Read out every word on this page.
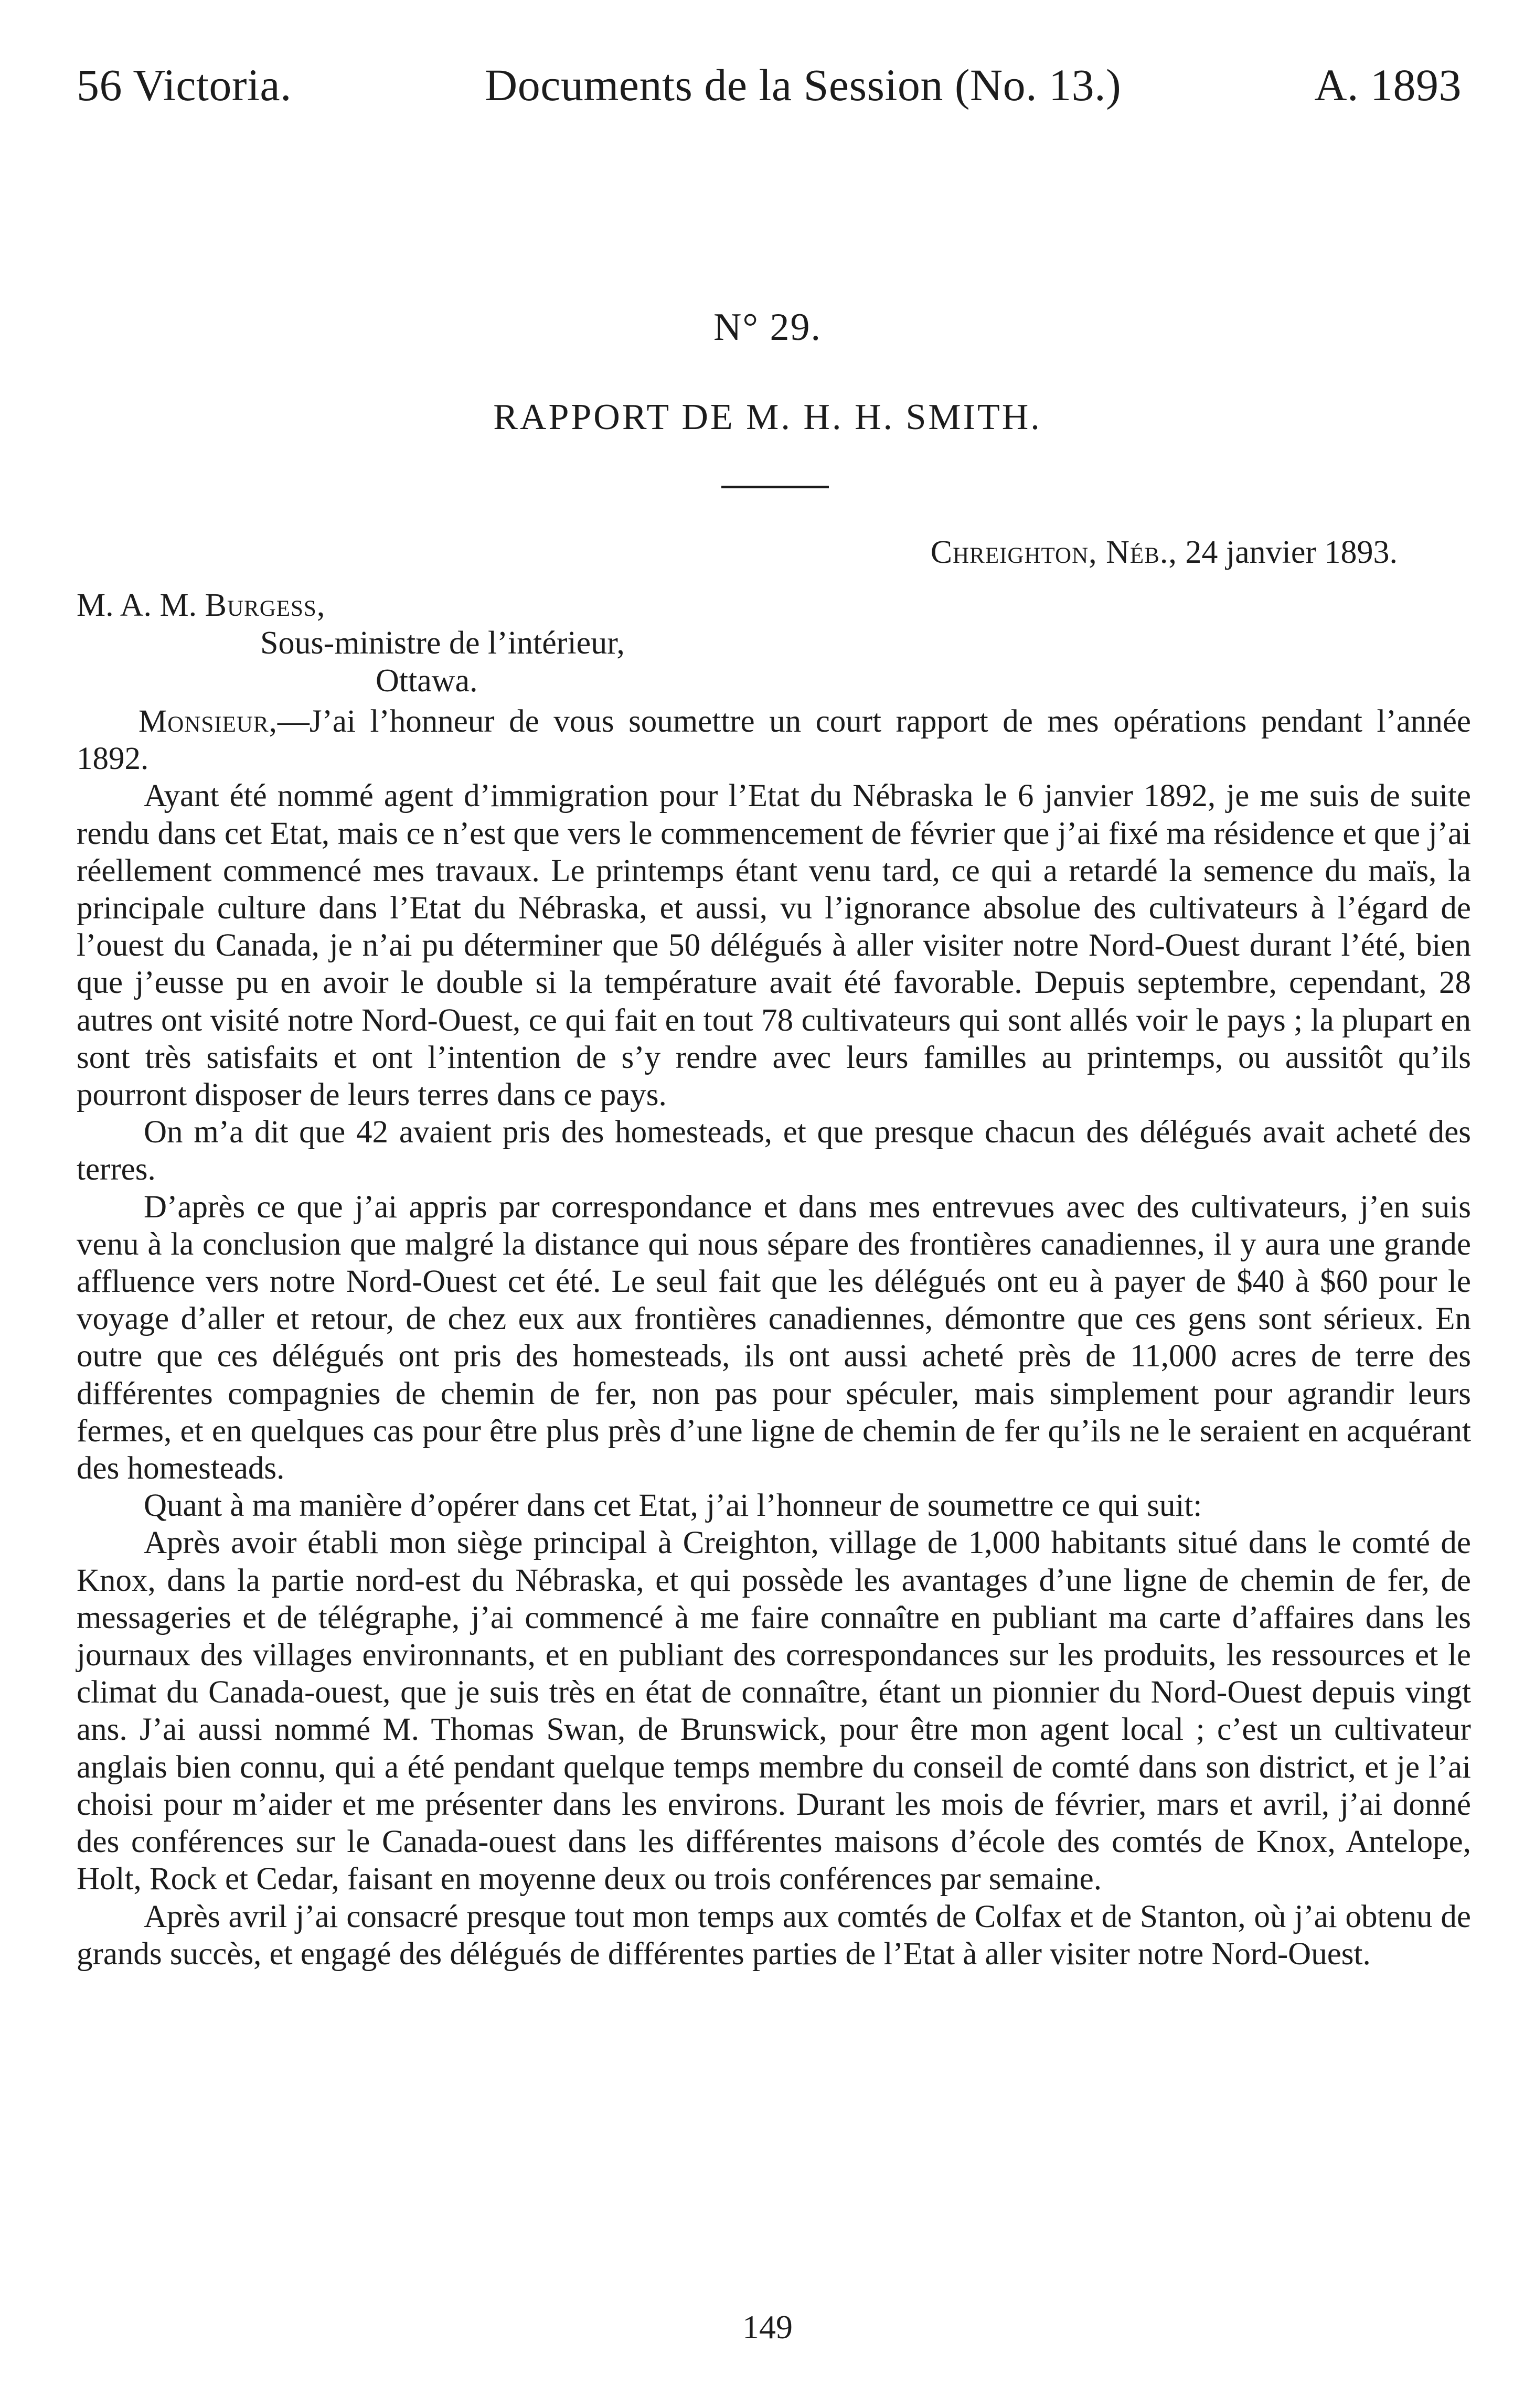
56 Victoria.	Documents de la Session (No. 13.)	A. 1893
N° 29.
RAPPORT DE M. H. H. SMITH.
Chreighton, Néb., 24 janvier 1893.
M. A. M. Burgess,
Sous-ministre de l’intérieur,
Ottawa.

Monsieur,—J’ai l’honneur de vous soumettre un court rapport de mes opérations pendant l’année 1892.

Ayant été nommé agent d’immigration pour l’Etat du Nébraska le 6 janvier 1892, je me suis de suite rendu dans cet Etat, mais ce n’est que vers le commencement de février que j’ai fixé ma résidence et que j’ai réellement commencé mes travaux. Le printemps étant venu tard, ce qui a retardé la semence du maïs, la principale culture dans l’Etat du Nébraska, et aussi, vu l’ignorance absolue des cultivateurs à l’égard de l’ouest du Canada, je n’ai pu déterminer que 50 délégués à aller visiter notre Nord-Ouest durant l’été, bien que j’eusse pu en avoir le double si la température avait été favorable. Depuis septembre, cependant, 28 autres ont visité notre Nord-Ouest, ce qui fait en tout 78 cultivateurs qui sont allés voir le pays ; la plupart en sont très satisfaits et ont l’intention de s’y rendre avec leurs familles au printemps, ou aussitôt qu’ils pourront disposer de leurs terres dans ce pays.

On m’a dit que 42 avaient pris des homesteads, et que presque chacun des délégués avait acheté des terres.

D’après ce que j’ai appris par correspondance et dans mes entrevues avec des cultivateurs, j’en suis venu à la conclusion que malgré la distance qui nous sépare des frontières canadiennes, il y aura une grande affluence vers notre Nord-Ouest cet été. Le seul fait que les délégués ont eu à payer de $40 à $60 pour le voyage d’aller et retour, de chez eux aux frontières canadiennes, démontre que ces gens sont sérieux. En outre que ces délégués ont pris des homesteads, ils ont aussi acheté près de 11,000 acres de terre des différentes compagnies de chemin de fer, non pas pour spéculer, mais simplement pour agrandir leurs fermes, et en quelques cas pour être plus près d’une ligne de chemin de fer qu’ils ne le seraient en acquérant des homesteads.

Quant à ma manière d’opérer dans cet Etat, j’ai l’honneur de soumettre ce qui suit:

Après avoir établi mon siège principal à Creighton, village de 1,000 habitants situé dans le comté de Knox, dans la partie nord-est du Nébraska, et qui possède les avantages d’une ligne de chemin de fer, de messageries et de télégraphe, j’ai commencé à me faire connaître en publiant ma carte d’affaires dans les journaux des villages environnants, et en publiant des correspondances sur les produits, les ressources et le climat du Canada-ouest, que je suis très en état de connaître, étant un pionnier du Nord-Ouest depuis vingt ans. J’ai aussi nommé M. Thomas Swan, de Brunswick, pour être mon agent local ; c’est un cultivateur anglais bien connu, qui a été pendant quelque temps membre du conseil de comté dans son district, et je l’ai choisi pour m’aider et me présenter dans les environs. Durant les mois de février, mars et avril, j’ai donné des conférences sur le Canada-ouest dans les différentes maisons d’école des comtés de Knox, Antelope, Holt, Rock et Cedar, faisant en moyenne deux ou trois conférences par semaine.

Après avril j’ai consacré presque tout mon temps aux comtés de Colfax et de Stanton, où j’ai obtenu de grands succès, et engagé des délégués de différentes parties de l’Etat à aller visiter notre Nord-Ouest.

149
